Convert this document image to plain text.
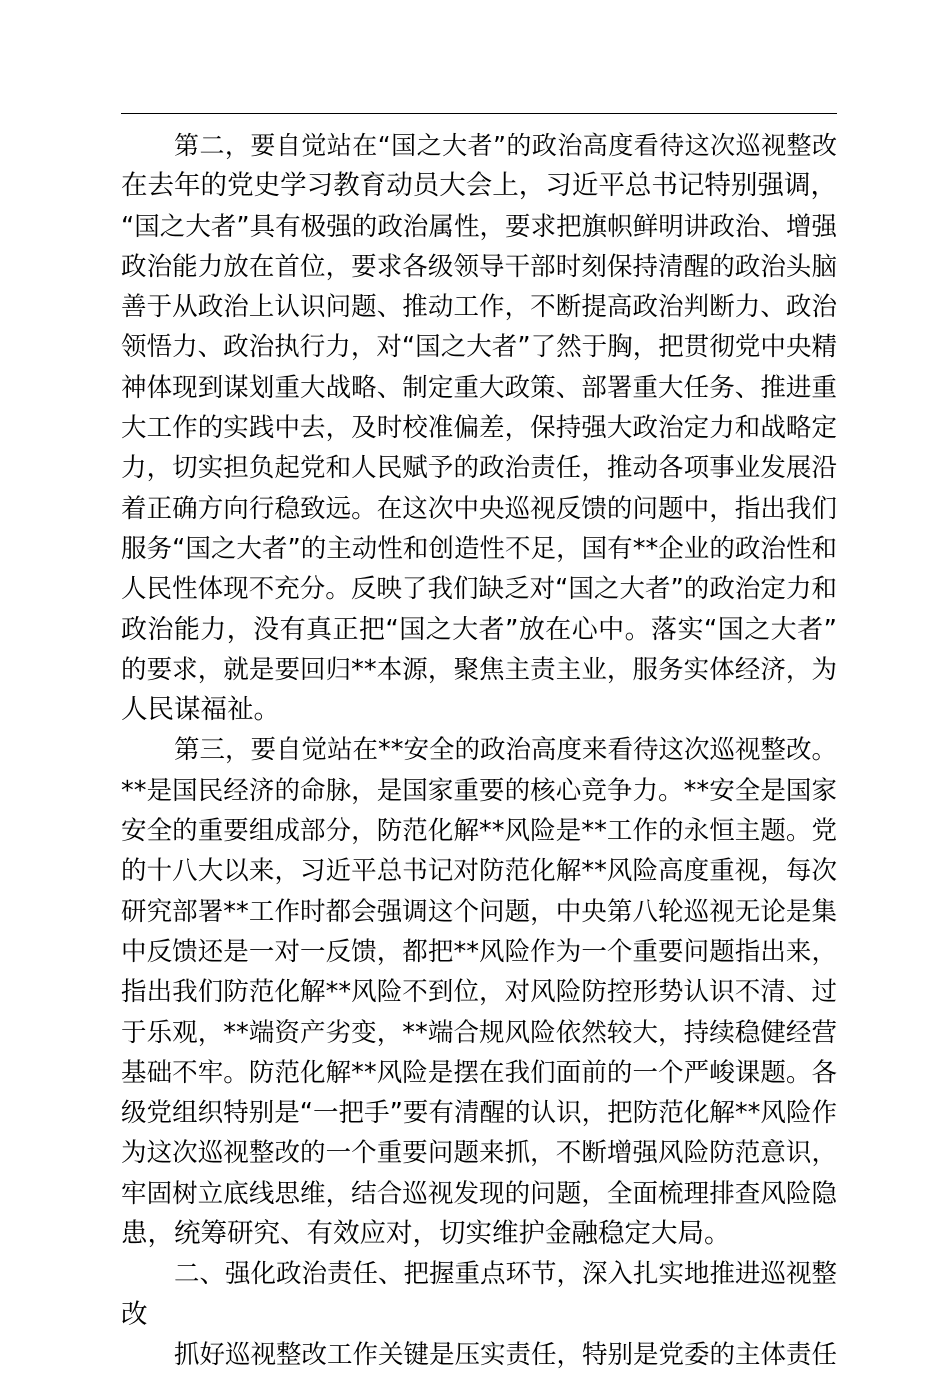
第二，要自觉站在“国之大者”的政治高度看待这次巡视整改
在去年的党史学习教育动员大会上，习近平总书记特别强调，
“国之大者”具有极强的政治属性，要求把旗帜鲜明讲政治、增强
政治能力放在首位，要求各级领导干部时刻保持清醒的政治头脑
善于从政治上认识问题、推动工作，不断提高政治判断力、政治
领悟力、政治执行力，对“国之大者”了然于胸，把贯彻党中央精
神体现到谋划重大战略、制定重大政策、部署重大任务、推进重
大工作的实践中去，及时校准偏差，保持强大政治定力和战略定
力，切实担负起党和人民赋予的政治责任，推动各项事业发展沿
着正确方向行稳致远。在这次中央巡视反馈的问题中，指出我们
服务“国之大者”的主动性和创造性不足，国有**企业的政治性和
人民性体现不充分。反映了我们缺乏对“国之大者”的政治定力和
政治能力，没有真正把“国之大者”放在心中。落实“国之大者”
的要求，就是要回归**本源，聚焦主责主业，服务实体经济，为
人民谋福祉。
第三，要自觉站在**安全的政治高度来看待这次巡视整改。
**是国民经济的命脉，是国家重要的核心竞争力。**安全是国家
安全的重要组成部分，防范化解**风险是**工作的永恒主题。党
的十八大以来，习近平总书记对防范化解**风险高度重视，每次
研究部署**工作时都会强调这个问题，中央第八轮巡视无论是集
中反馈还是一对一反馈，都把**风险作为一个重要问题指出来，
指出我们防范化解**风险不到位，对风险防控形势认识不清、过
于乐观，**端资产劣变，**端合规风险依然较大，持续稳健经营
基础不牢。防范化解**风险是摆在我们面前的一个严峻课题。各
级党组织特别是“一把手”要有清醒的认识，把防范化解**风险作
为这次巡视整改的一个重要问题来抓，不断增强风险防范意识，
牢固树立底线思维，结合巡视发现的问题，全面梳理排查风险隐
患，统筹研究、有效应对，切实维护金融稳定大局。
二、强化政治责任、把握重点环节，深入扎实地推进巡视整
改
抓好巡视整改工作关键是压实责任，特别是党委的主体责任
